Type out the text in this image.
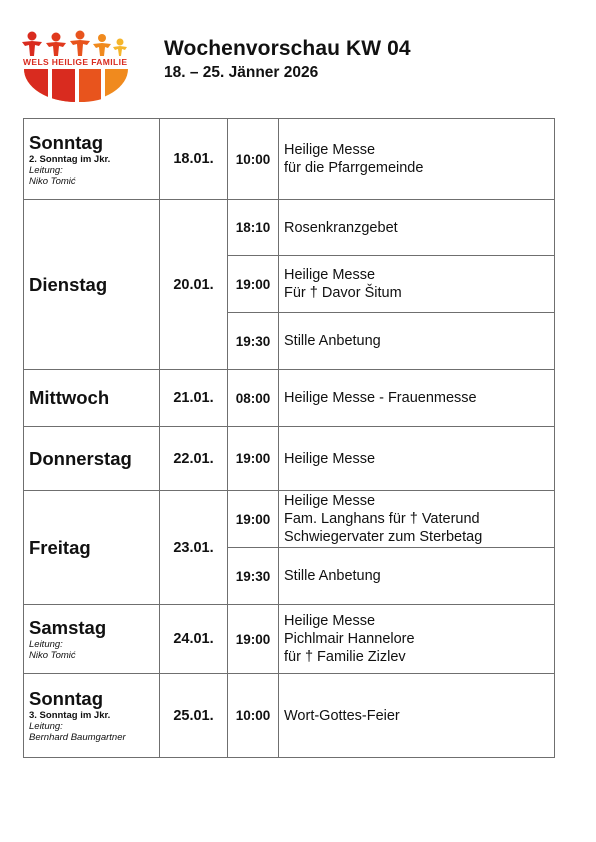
WELS HEILIGE FAMILIE
Wochenvorschau KW 04
18. – 25. Jänner 2026
Sonntag
2. Sonntag im Jkr.
Leitung:
Niko Tomić	18.01.	10:00	Heilige Messe
für die Pfarrgemeinde

Dienstag	20.01.	18:10	Rosenkranzgebet

		19:00	Heilige Messe
Für † Davor Šitum

		19:30	Stille Anbetung

Mittwoch	21.01.	08:00	Heilige Messe - Frauenmesse

Donnerstag	22.01.	19:00	Heilige Messe

Freitag	23.01.	19:00	Heilige Messe
Fam. Langhans für † Vaterund
Schwiegervater zum Sterbetag

		19:30	Stille Anbetung

Samstag
Leitung:
Niko Tomić	24.01.	19:00	Heilige Messe
Pichlmair Hannelore
für † Familie Zizlev

Sonntag
3. Sonntag im Jkr.
Leitung:
Bernhard Baumgartner	25.01.	10:00	Wort-Gottes-Feier
